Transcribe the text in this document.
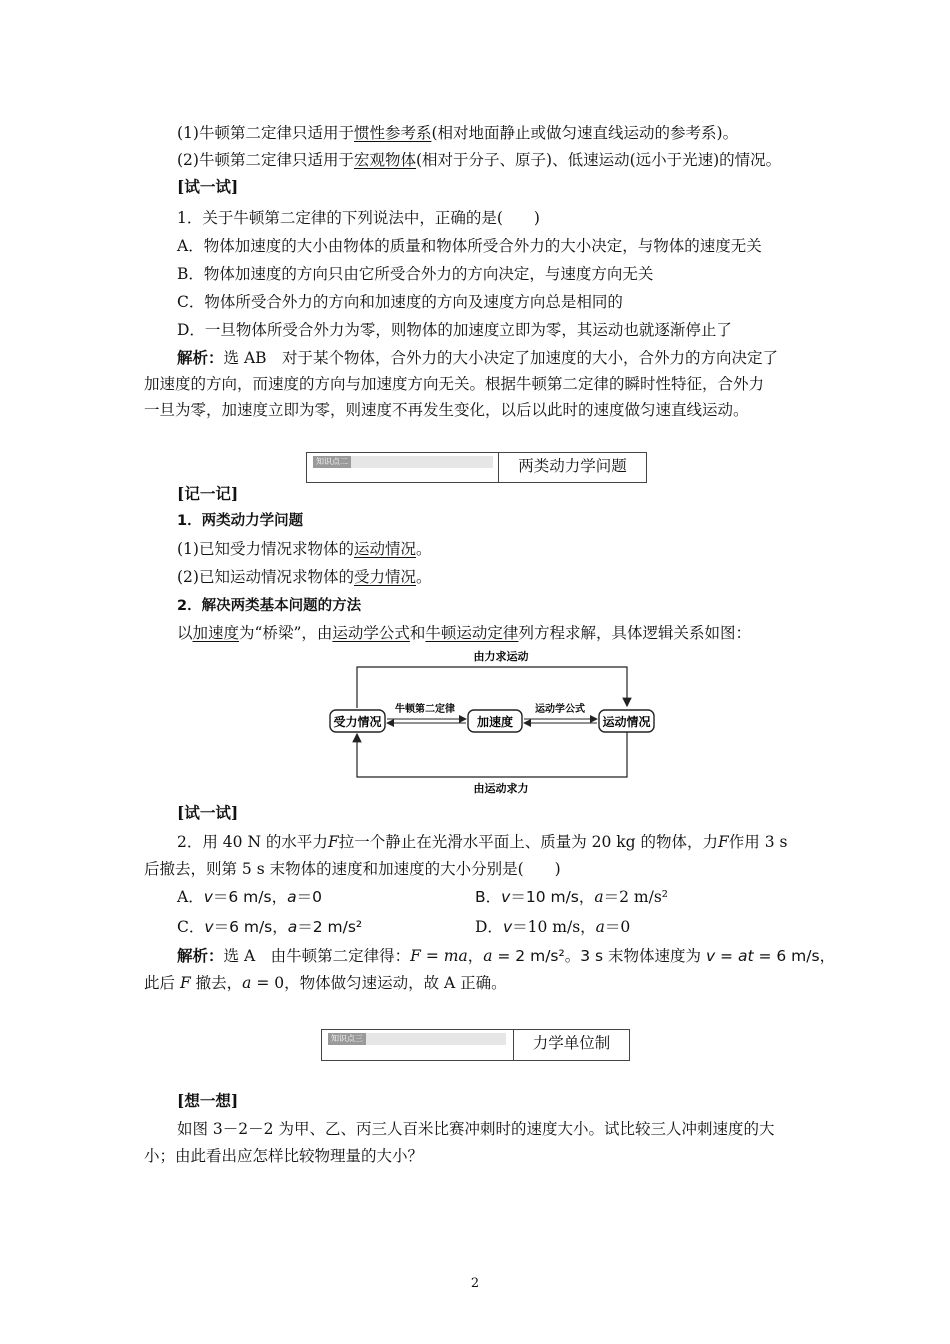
(1)牛顿第二定律只适用于惯性参考系(相对地面静止或做匀速直线运动的参考系)。
(2)牛顿第二定律只适用于宏观物体(相对于分子、原子)、低速运动(远小于光速)的情况。
[试一试]
1．关于牛顿第二定律的下列说法中，正确的是(　　)
A．物体加速度的大小由物体的质量和物体所受合外力的大小决定，与物体的速度无关
B．物体加速度的方向只由它所受合外力的方向决定，与速度方向无关
C．物体所受合外力的方向和加速度的方向及速度方向总是相同的
D．一旦物体所受合外力为零，则物体的加速度立即为零，其运动也就逐渐停止了
解析：选 AB　对于某个物体，合外力的大小决定了加速度的大小，合外力的方向决定了
加速度的方向，而速度的方向与加速度方向无关。根据牛顿第二定律的瞬时性特征，合外力
一旦为零，加速度立即为零，则速度不再发生变化，以后以此时的速度做匀速直线运动。
知识点二	两类动力学问题
[记一记]
1．两类动力学问题
(1)已知受力情况求物体的运动情况。
(2)已知运动情况求物体的受力情况。
2．解决两类基本问题的方法
以加速度为“桥梁”，由运动学公式和牛顿运动定律列方程求解，具体逻辑关系如图：
由力求运动
由运动求力
受力情况	加速度	运动情况
牛顿第二定律	运动学公式
[试一试]
2．用 40 N 的水平力F拉一个静止在光滑水平面上、质量为 20 kg 的物体，力F作用 3 s
后撤去，则第 5 s 末物体的速度和加速度的大小分别是(　　)
A．v＝6 m/s，a＝0	B．v＝10 m/s，a＝2 m/s²
C．v＝6 m/s，a＝2 m/s²	D．v＝10 m/s，a＝0
解析：选 A　由牛顿第二定律得：F = ma，a = 2 m/s²。3 s 末物体速度为 v = at = 6 m/s，
此后 F 撤去，a = 0，物体做匀速运动，故 A 正确。
知识点三	力学单位制
[想一想]
如图 3－2－2 为甲、乙、丙三人百米比赛冲刺时的速度大小。试比较三人冲刺速度的大
小；由此看出应怎样比较物理量的大小？
2
